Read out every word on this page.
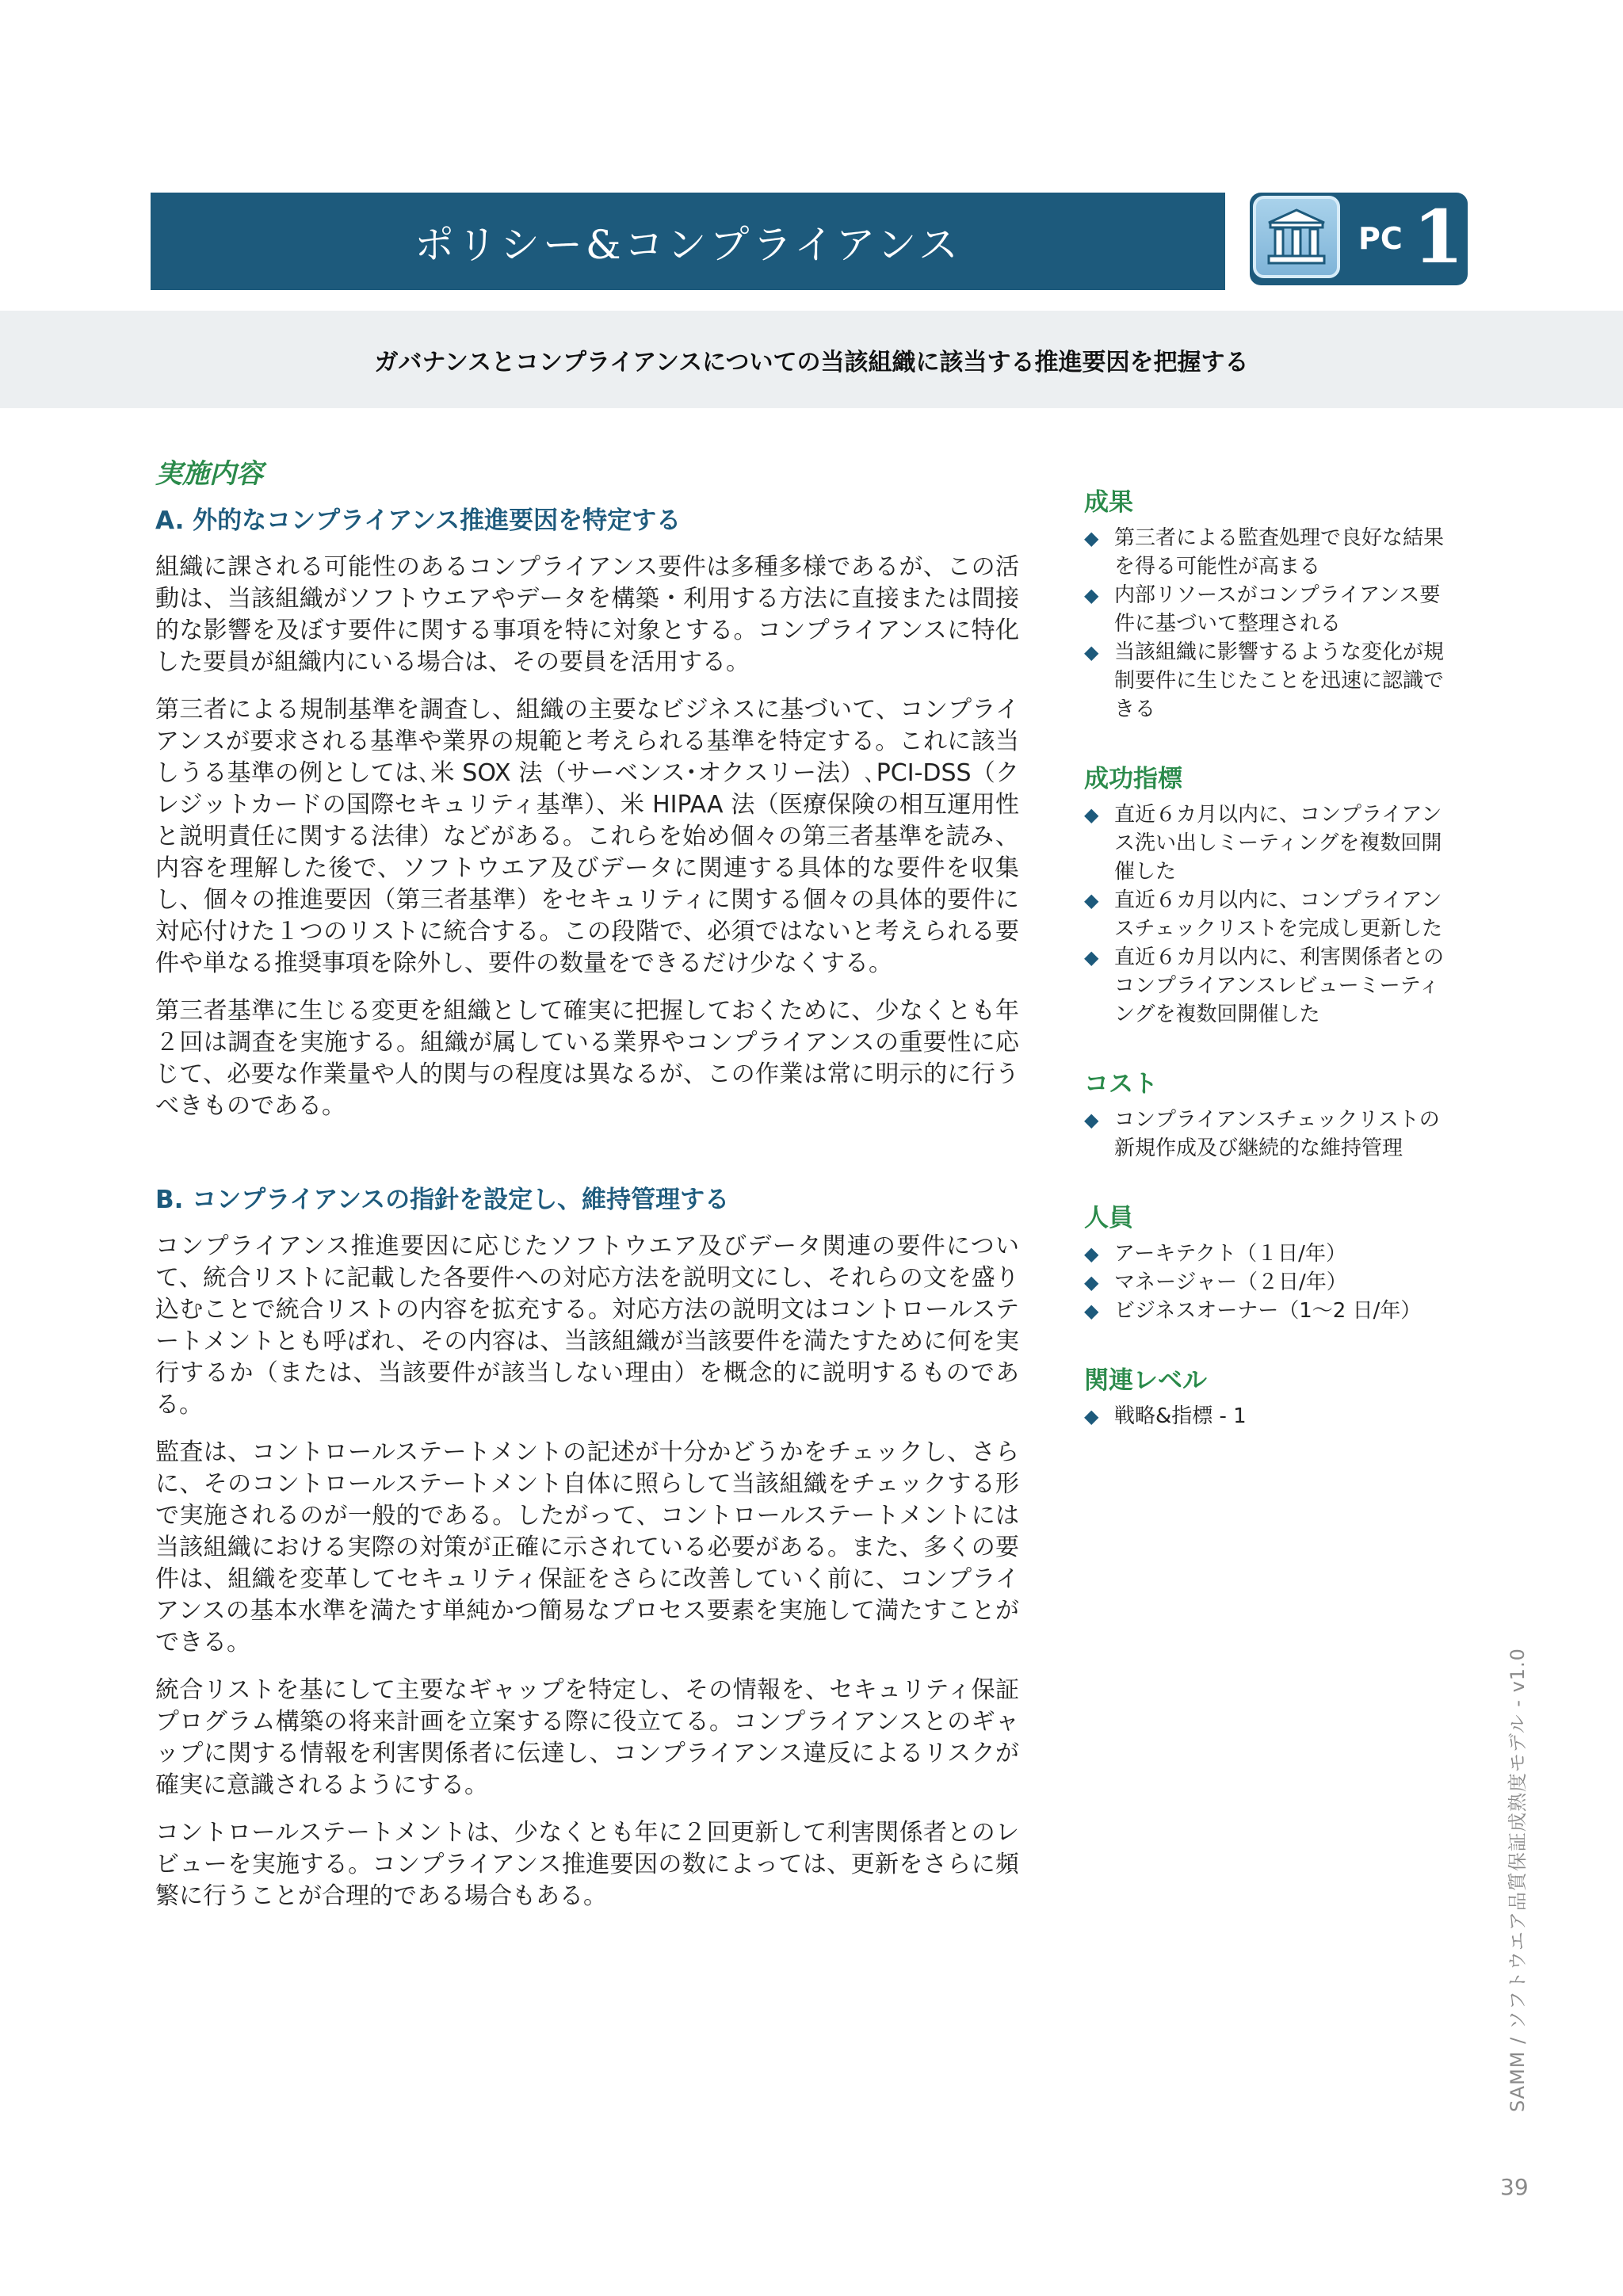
ポリシー&コンプライアンス	PC 1
ガバナンスとコンプライアンスについての当該組織に該当する推進要因を把握する
実施内容
A. 外的なコンプライアンス推進要因を特定する

組織に課される可能性のあるコンプライアンス要件は多種多様であるが、この活動は、当該組織がソフトウエアやデータを構築・利用する方法に直接または間接的な影響を及ぼす要件に関する事項を特に対象とする。コンプライアンスに特化した要員が組織内にいる場合は、その要員を活用する。

第三者による規制基準を調査し、組織の主要なビジネスに基づいて、コンプライアンスが要求される基準や業界の規範と考えられる基準を特定する。これに該当しうる基準の例としては､米 SOX 法（サーベンス･オクスリー法）､PCI-DSS（クレジットカードの国際セキュリティ基準）、米 HIPAA 法（医療保険の相互運用性と説明責任に関する法律）などがある。これらを始め個々の第三者基準を読み、内容を理解した後で、ソフトウエア及びデータに関連する具体的な要件を収集し、個々の推進要因（第三者基準）をセキュリティに関する個々の具体的要件に対応付けた１つのリストに統合する。この段階で、必須ではないと考えられる要件や単なる推奨事項を除外し、要件の数量をできるだけ少なくする。

第三者基準に生じる変更を組織として確実に把握しておくために、少なくとも年２回は調査を実施する。組織が属している業界やコンプライアンスの重要性に応じて、必要な作業量や人的関与の程度は異なるが、この作業は常に明示的に行うべきものである。

B. コンプライアンスの指針を設定し、維持管理する

コンプライアンス推進要因に応じたソフトウエア及びデータ関連の要件について、統合リストに記載した各要件への対応方法を説明文にし、それらの文を盛り込むことで統合リストの内容を拡充する。対応方法の説明文はコントロールステートメントとも呼ばれ、その内容は、当該組織が当該要件を満たすために何を実行するか（または、当該要件が該当しない理由）を概念的に説明するものである。

監査は、コントロールステートメントの記述が十分かどうかをチェックし、さらに、そのコントロールステートメント自体に照らして当該組織をチェックする形で実施されるのが一般的である。したがって、コントロールステートメントには当該組織における実際の対策が正確に示されている必要がある。また、多くの要件は、組織を変革してセキュリティ保証をさらに改善していく前に、コンプライアンスの基本水準を満たす単純かつ簡易なプロセス要素を実施して満たすことができる。

統合リストを基にして主要なギャップを特定し、その情報を、セキュリティ保証プログラム構築の将来計画を立案する際に役立てる。コンプライアンスとのギャップに関する情報を利害関係者に伝達し、コンプライアンス違反によるリスクが確実に意識されるようにする。

コントロールステートメントは、少なくとも年に２回更新して利害関係者とのレビューを実施する。コンプライアンス推進要因の数によっては、更新をさらに頻繁に行うことが合理的である場合もある。

成果
◆ 第三者による監査処理で良好な結果を得る可能性が高まる
◆ 内部リソースがコンプライアンス要件に基づいて整理される
◆ 当該組織に影響するような変化が規制要件に生じたことを迅速に認識できる
成功指標
◆ 直近６カ月以内に、コンプライアンス洗い出しミーティングを複数回開催した
◆ 直近６カ月以内に、コンプライアンスチェックリストを完成し更新した
◆ 直近６カ月以内に、利害関係者とのコンプライアンスレビューミーティングを複数回開催した
コスト
◆ コンプライアンスチェックリストの新規作成及び継続的な維持管理
人員
◆ アーキテクト（１日/年）
◆ マネージャー（２日/年）
◆ ビジネスオーナー（1〜2 日/年）
関連レベル
◆ 戦略&指標 - 1
SAMM / ソフトウエア品質保証成熟度モデル - v1.0
39
